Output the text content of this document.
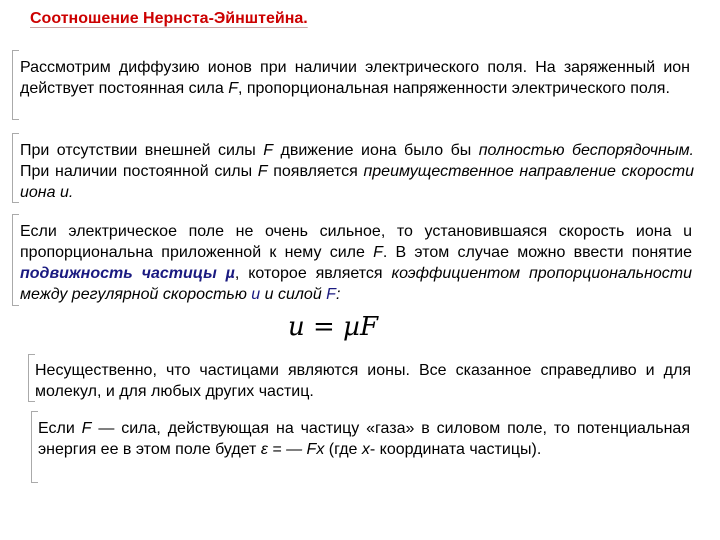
Соотношение Нернста-Эйнштейна.
Рассмотрим диффузию ионов при наличии электрического поля. На заряженный ион действует постоянная сила F, пропорциональная напряженности электрического поля.
При отсутствии внешней силы F движение иона было бы полностью беспорядочным. При наличии постоянной силы F появляется преимущественное направление скорости иона u.
Если электрическое поле не очень сильное, то установившаяся скорость иона u пропорциональна приложенной к нему силе F. В этом случае можно ввести понятие подвижность частицы µ, которое является коэффициентом пропорциональности между регулярной скоростью u и силой F:
u = µF
Несущественно, что частицами являются ионы. Все сказанное справедливо и для молекул, и для любых других частиц.
Если F — сила, действующая на частицу «газа» в силовом поле, то потенциальная энергия ее в этом поле будет ε = — Fx (где x- координата частицы).
